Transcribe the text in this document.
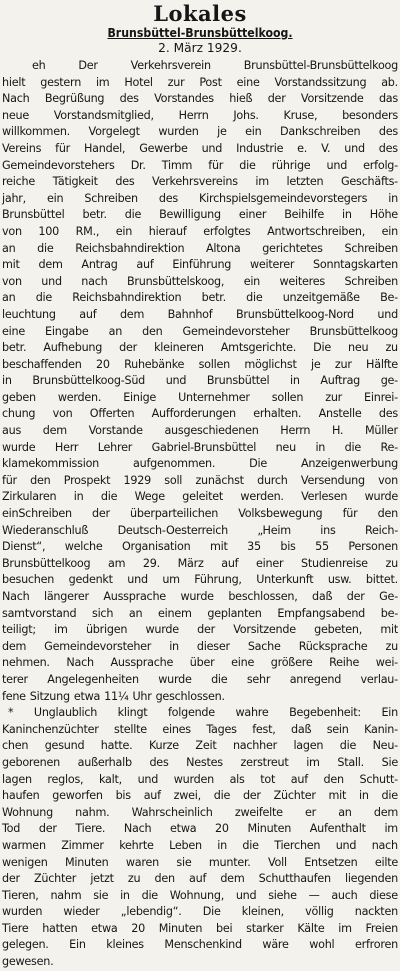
Lokales
Brunsbüttel-Brunsbüttelkoog.
2. März 1929.
eh	Der	Verkehrsverein	Brunsbüttel-Brunsbüttelkoog
hielt gestern im Hotel zur Post eine Vorstandssitzung ab.
Nach Begrüßung des Vorstandes hieß der Vorsitzende das
neue Vorstandsmitglied, Herrn Johs. Kruse, besonders
willkommen. Vorgelegt wurden je ein Dankschreiben des
Vereins für Handel, Gewerbe und Industrie e. V. und des
Gemeindevorstehers Dr. Timm für die rührige und erfolg-
reiche Tätigkeit des Verkehrsvereins im letzten Geschäfts-
jahr, ein Schreiben des Kirchspielsgemeindevorstegers in
Brunsbüttel betr. die Bewilligung einer Beihilfe in Höhe
von 100 RM., ein hierauf erfolgtes Antwortschreiben, ein
an die Reichsbahndirektion Altona gerichtetes Schreiben
mit dem Antrag auf Einführung weiterer Sonntagskarten
von und nach Brunsbüttelskoog, ein weiteres Schreiben
an die Reichsbahndirektion betr. die unzeitgemäße Be-
leuchtung auf dem Bahnhof Brunsbüttelkoog-Nord und
eine Eingabe an den Gemeindevorsteher Brunsbüttelkoog
betr. Aufhebung der kleineren Amtsgerichte. Die neu zu
beschaffenden 20 Ruhebänke sollen möglichst je zur Hälfte
in Brunsbüttelkoog-Süd und Brunsbüttel in Auftrag ge-
geben werden. Einige Unternehmer sollen zur Einrei-
chung von Offerten Aufforderungen erhalten. Anstelle des
aus dem Vorstande ausgeschiedenen Herrn H. Müller
wurde Herr Lehrer Gabriel-Brunsbüttel neu in die Re-
klamekommission	aufgenommen.	Die	Anzeigenwerbung
für den Prospekt 1929 soll zunächst durch Versendung von
Zirkularen in die Wege geleitet werden. Verlesen wurde
einSchreiben der überparteilichen Volksbewegung für den
Wiederanschluß	Deutsch-Oesterreich	„Heim	ins	Reich-
Dienst“, welche Organisation mit 35 bis 55 Personen
Brunsbüttelkoog am 29. März auf einer Studienreise zu
besuchen gedenkt und um Führung, Unterkunft usw. bittet.
Nach längerer Aussprache wurde beschlossen, daß der Ge-
samtvorstand sich an einem geplanten Empfangsabend be-
teiligt; im übrigen wurde der Vorsitzende gebeten, mit
dem Gemeindevorsteher in dieser Sache Rücksprache zu
nehmen. Nach Aussprache über eine größere Reihe wei-
terer Angelegenheiten wurde die sehr anregend verlau-
fene Sitzung etwa 11¼ Uhr geschlossen.
* Unglaublich klingt folgende wahre Begebenheit: Ein
Kaninchenzüchter stellte eines Tages fest, daß sein Kanin-
chen gesund hatte. Kurze Zeit nachher lagen die Neu-
geborenen außerhalb des Nestes zerstreut im Stall. Sie
lagen reglos, kalt, und wurden als tot auf den Schutt-
haufen geworfen bis auf zwei, die der Züchter mit in die
Wohnung nahm. Wahrscheinlich zweifelte er an dem
Tod der Tiere. Nach etwa 20 Minuten Aufenthalt im
warmen Zimmer kehrte Leben in die Tierchen und nach
wenigen Minuten waren sie munter. Voll Entsetzen eilte
der Züchter jetzt zu den auf dem Schutthaufen liegenden
Tieren, nahm sie in die Wohnung, und siehe — auch diese
wurden wieder „lebendig“. Die kleinen, völlig nackten
Tiere hatten etwa 20 Minuten bei starker Kälte im Freien
gelegen. Ein kleines Menschenkind wäre wohl erfroren
gewesen.
